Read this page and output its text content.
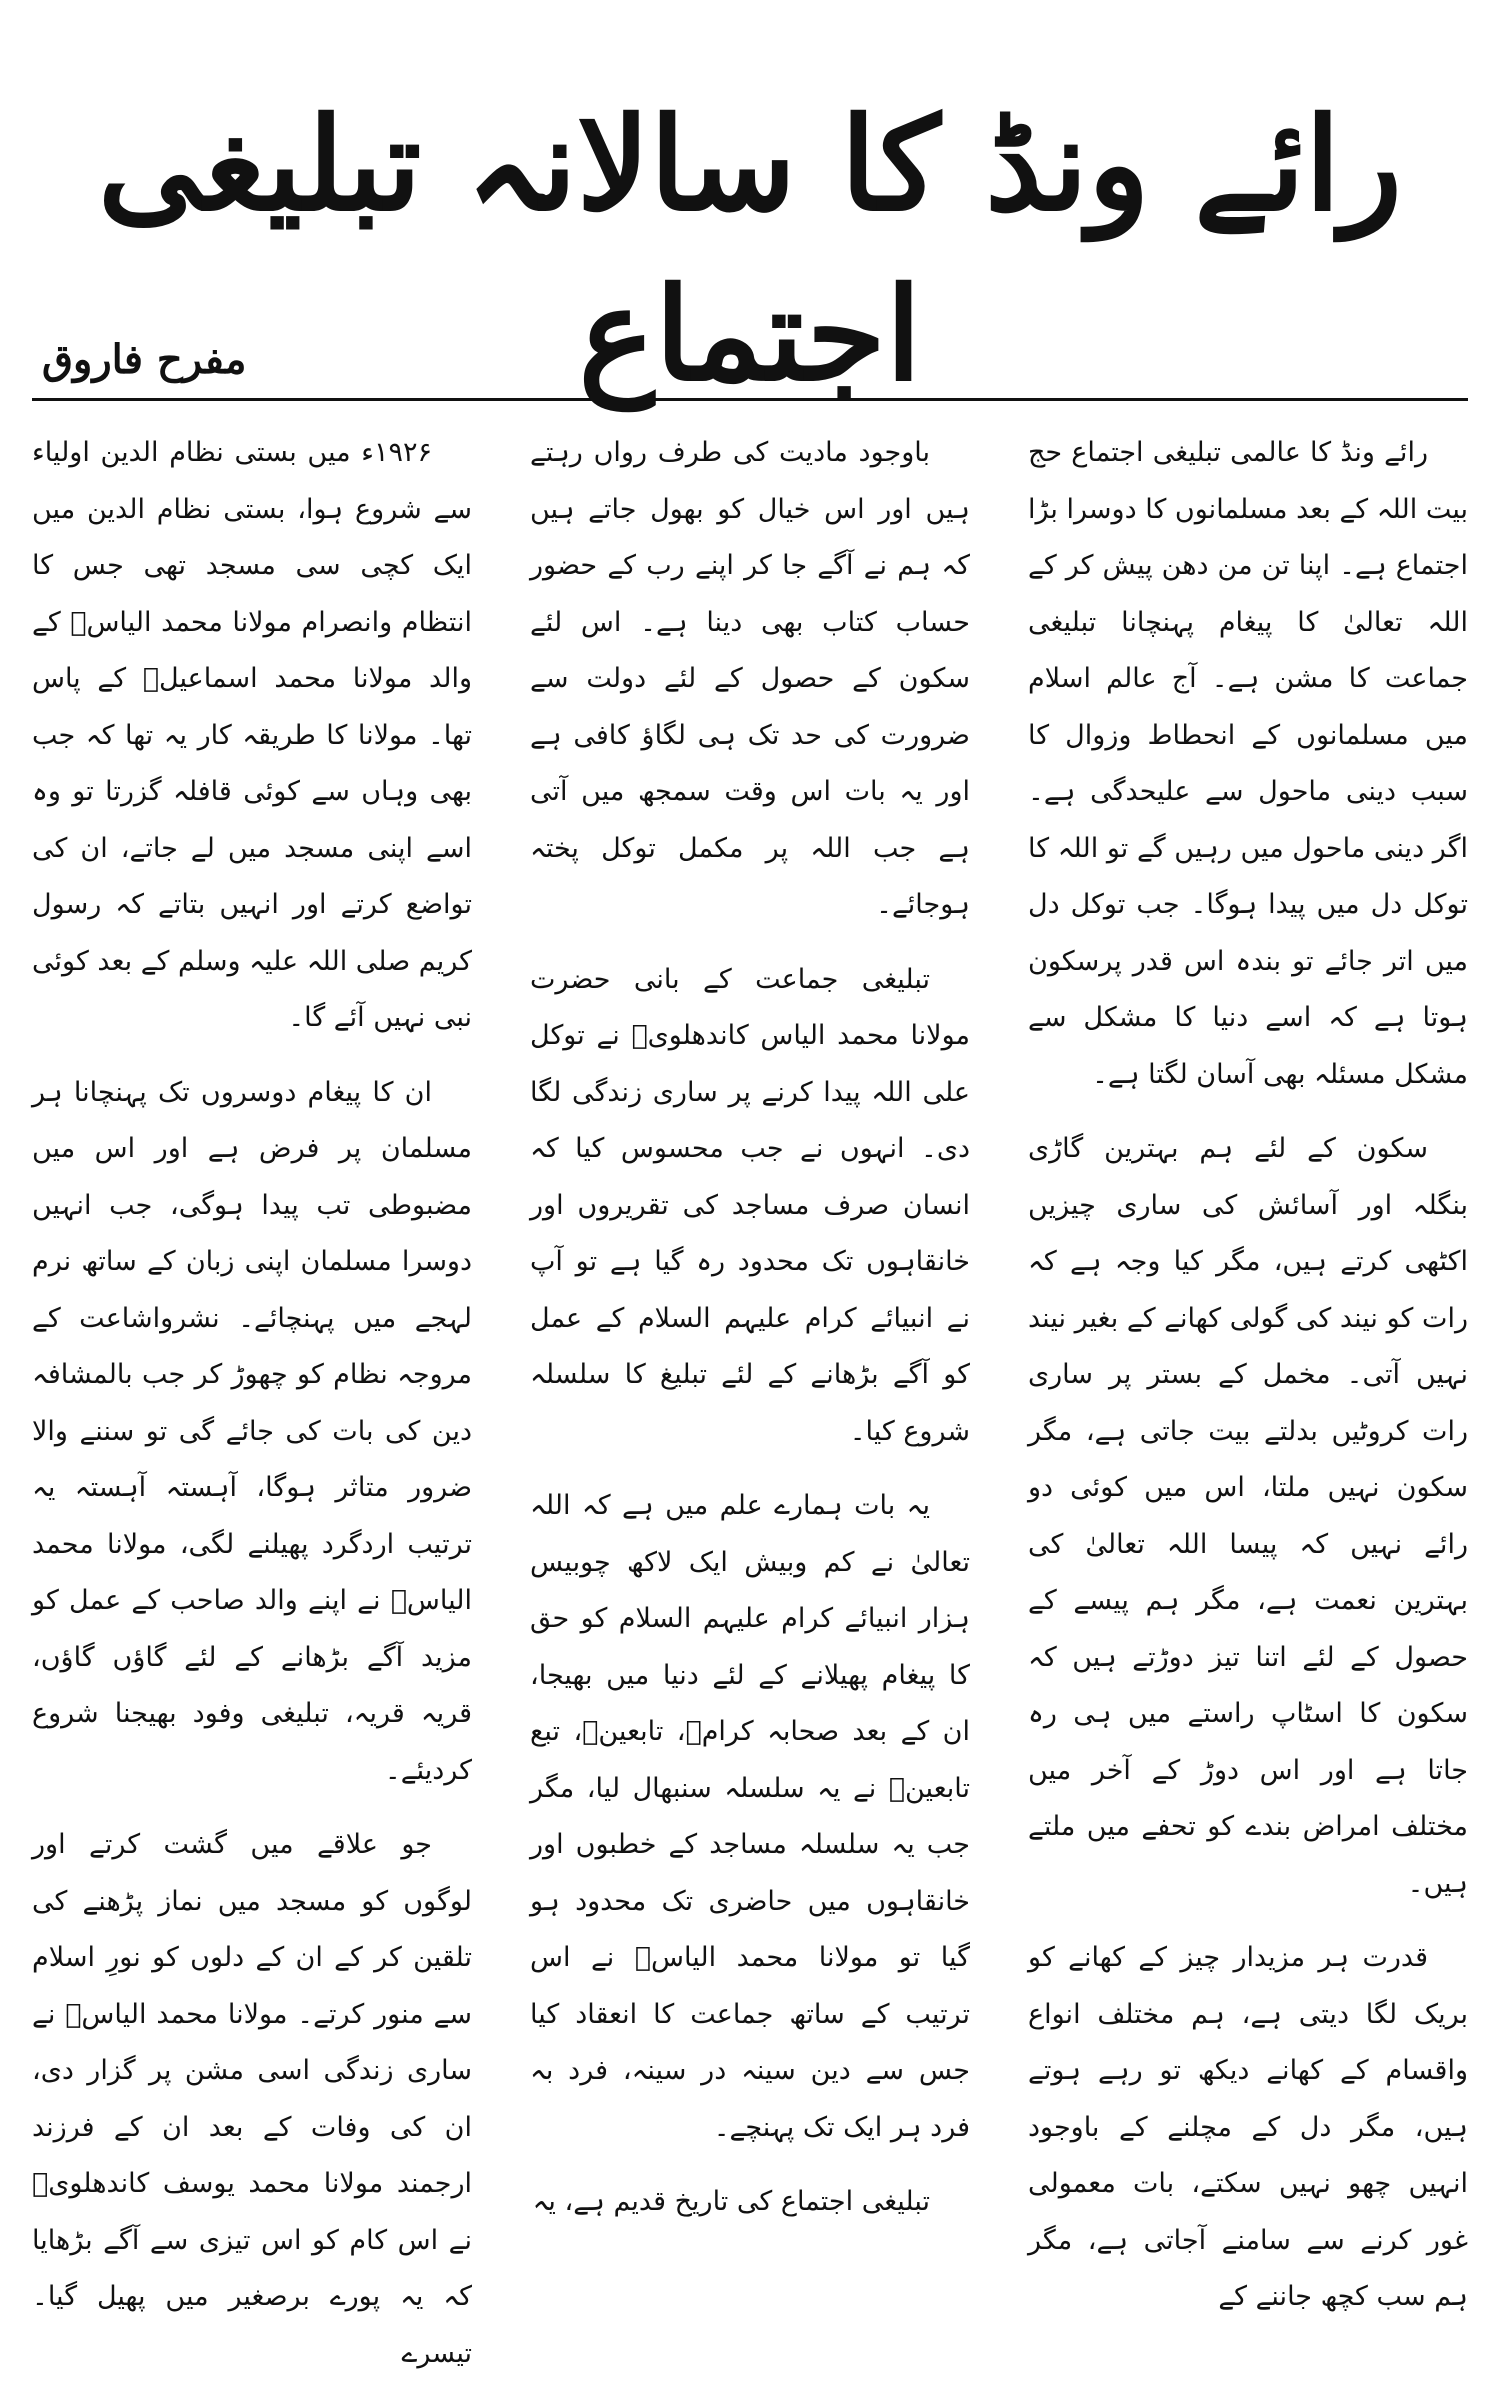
رائے ونڈ کا سالانہ تبلیغی اجتماع
مفرح فاروق

رائے ونڈ کا عالمی تبلیغی اجتماع حج بیت اللہ کے بعد مسلمانوں کا دوسرا بڑا اجتماع ہے۔ اپنا تن من دھن پیش کر کے اللہ تعالیٰ کا پیغام پہنچانا تبلیغی جماعت کا مشن ہے۔ آج عالم اسلام میں مسلمانوں کے انحطاط وزوال کا سبب دینی ماحول سے علیحدگی ہے۔ اگر دینی ماحول میں رہیں گے تو اللہ کا توکل دل میں پیدا ہوگا۔ جب توکل دل میں اتر جائے تو بندہ اس قدر پرسکون ہوتا ہے کہ اسے دنیا کا مشکل سے مشکل مسئلہ بھی آسان لگتا ہے۔

سکون کے لئے ہم بہترین گاڑی بنگلہ اور آسائش کی ساری چیزیں اکٹھی کرتے ہیں، مگر کیا وجہ ہے کہ رات کو نیند کی گولی کھانے کے بغیر نیند نہیں آتی۔ مخمل کے بستر پر ساری رات کروٹیں بدلتے بیت جاتی ہے، مگر سکون نہیں ملتا، اس میں کوئی دو رائے نہیں کہ پیسا اللہ تعالیٰ کی بہترین نعمت ہے، مگر ہم پیسے کے حصول کے لئے اتنا تیز دوڑتے ہیں کہ سکون کا اسٹاپ راستے میں ہی رہ جاتا ہے اور اس دوڑ کے آخر میں مختلف امراض بندے کو تحفے میں ملتے ہیں۔

قدرت ہر مزیدار چیز کے کھانے کو بریک لگا دیتی ہے، ہم مختلف انواع واقسام کے کھانے دیکھ تو رہے ہوتے ہیں، مگر دل کے مچلنے کے باوجود انہیں چھو نہیں سکتے، بات معمولی غور کرنے سے سامنے آجاتی ہے، مگر ہم سب کچھ جاننے کے

باوجود مادیت کی طرف رواں رہتے ہیں اور اس خیال کو بھول جاتے ہیں کہ ہم نے آگے جا کر اپنے رب کے حضور حساب کتاب بھی دینا ہے۔ اس لئے سکون کے حصول کے لئے دولت سے ضرورت کی حد تک ہی لگاؤ کافی ہے اور یہ بات اس وقت سمجھ میں آتی ہے جب اللہ پر مکمل توکل پختہ ہوجائے۔

تبلیغی جماعت کے بانی حضرت مولانا محمد الیاس کاندھلویؒ نے توکل علی اللہ پیدا کرنے پر ساری زندگی لگا دی۔ انہوں نے جب محسوس کیا کہ انسان صرف مساجد کی تقریروں اور خانقاہوں تک محدود رہ گیا ہے تو آپ نے انبیائے کرام علیہم السلام کے عمل کو آگے بڑھانے کے لئے تبلیغ کا سلسلہ شروع کیا۔

یہ بات ہمارے علم میں ہے کہ اللہ تعالیٰ نے کم وبیش ایک لاکھ چوبیس ہزار انبیائے کرام علیہم السلام کو حق کا پیغام پھیلانے کے لئے دنیا میں بھیجا، ان کے بعد صحابہ کرامؓ، تابعینؒ، تبع تابعینؒ نے یہ سلسلہ سنبھال لیا، مگر جب یہ سلسلہ مساجد کے خطبوں اور خانقاہوں میں حاضری تک محدود ہو گیا تو مولانا محمد الیاسؒ نے اس ترتیب کے ساتھ جماعت کا انعقاد کیا جس سے دین سینہ در سینہ، فرد بہ فرد ہر ایک تک پہنچے۔

تبلیغی اجتماع کی تاریخ قدیم ہے، یہ

۱۹۲۶ء میں بستی نظام الدین اولیاء سے شروع ہوا، بستی نظام الدین میں ایک کچی سی مسجد تھی جس کا انتظام وانصرام مولانا محمد الیاسؒ کے والد مولانا محمد اسماعیلؒ کے پاس تھا۔ مولانا کا طریقہ کار یہ تھا کہ جب بھی وہاں سے کوئی قافلہ گزرتا تو وہ اسے اپنی مسجد میں لے جاتے، ان کی تواضع کرتے اور انہیں بتاتے کہ رسول کریم صلی اللہ علیہ وسلم کے بعد کوئی نبی نہیں آئے گا۔

ان کا پیغام دوسروں تک پہنچانا ہر مسلمان پر فرض ہے اور اس میں مضبوطی تب پیدا ہوگی، جب انہیں دوسرا مسلمان اپنی زبان کے ساتھ نرم لہجے میں پہنچائے۔ نشرواشاعت کے مروجہ نظام کو چھوڑ کر جب بالمشافہ دین کی بات کی جائے گی تو سننے والا ضرور متاثر ہوگا، آہستہ آہستہ یہ ترتیب اردگرد پھیلنے لگی، مولانا محمد الیاسؒ نے اپنے والد صاحب کے عمل کو مزید آگے بڑھانے کے لئے گاؤں گاؤں، قریہ قریہ، تبلیغی وفود بھیجنا شروع کردیئے۔

جو علاقے میں گشت کرتے اور لوگوں کو مسجد میں نماز پڑھنے کی تلقین کر کے ان کے دلوں کو نورِ اسلام سے منور کرتے۔ مولانا محمد الیاسؒ نے ساری زندگی اسی مشن پر گزار دی، ان کی وفات کے بعد ان کے فرزند ارجمند مولانا محمد یوسف کاندھلویؒ نے اس کام کو اس تیزی سے آگے بڑھایا کہ یہ پورے برصغیر میں پھیل گیا۔ تیسرے
